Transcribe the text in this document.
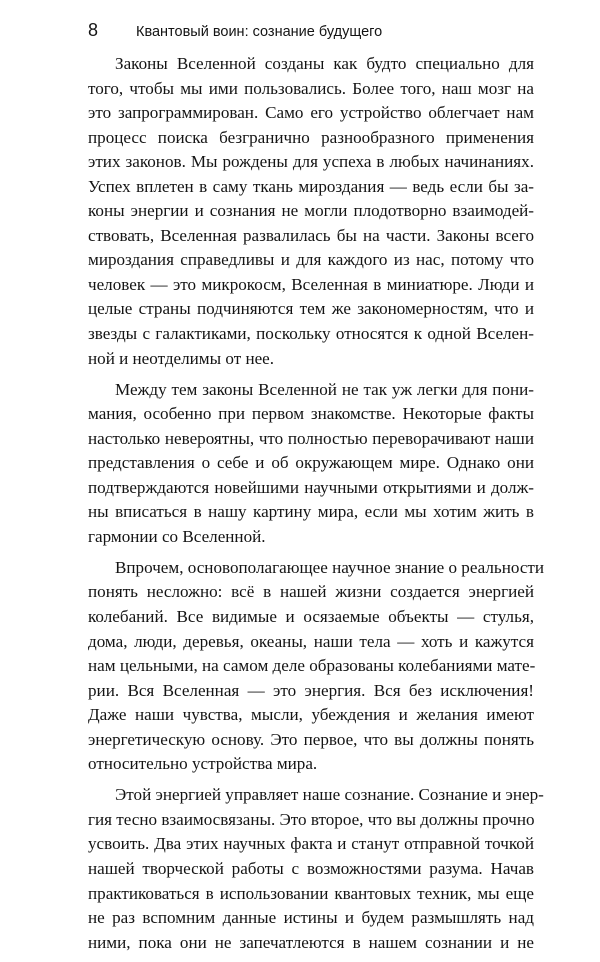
8	Квантовый воин: сознание будущего
Законы Вселенной созданы как будто специально для
того, чтобы мы ими пользовались. Более того, наш мозг на
это запрограммирован. Само его устройство облегчает нам
процесс поиска безгранично разнообразного применения
этих законов. Мы рождены для успеха в любых начинаниях.
Успех вплетен в саму ткань мироздания — ведь если бы за-
коны энергии и сознания не могли плодотворно взаимодей-
ствовать, Вселенная развалилась бы на части. Законы всего
мироздания справедливы и для каждого из нас, потому что
человек — это микрокосм, Вселенная в миниатюре. Люди и
целые страны подчиняются тем же закономерностям, что и
звезды с галактиками, поскольку относятся к одной Вселен-
ной и неотделимы от нее.
Между тем законы Вселенной не так уж легки для пони-
мания, особенно при первом знакомстве. Некоторые факты
настолько невероятны, что полностью переворачивают наши
представления о себе и об окружающем мире. Однако они
подтверждаются новейшими научными открытиями и долж-
ны вписаться в нашу картину мира, если мы хотим жить в
гармонии со Вселенной.
Впрочем, основополагающее научное знание о реальности
понять несложно: всё в нашей жизни создается энергией
колебаний. Все видимые и осязаемые объекты — стулья,
дома, люди, деревья, океаны, наши тела — хоть и кажутся
нам цельными, на самом деле образованы колебаниями мате-
рии. Вся Вселенная — это энергия. Вся без исключения!
Даже наши чувства, мысли, убеждения и желания имеют
энергетическую основу. Это первое, что вы должны понять
относительно устройства мира.
Этой энергией управляет наше сознание. Сознание и энер-
гия тесно взаимосвязаны. Это второе, что вы должны прочно
усвоить. Два этих научных факта и станут отправной точкой
нашей творческой работы с возможностями разума. Начав
практиковаться в использовании квантовых техник, мы еще
не раз вспомним данные истины и будем размышлять над
ними, пока они не запечатлеются в нашем сознании и не
